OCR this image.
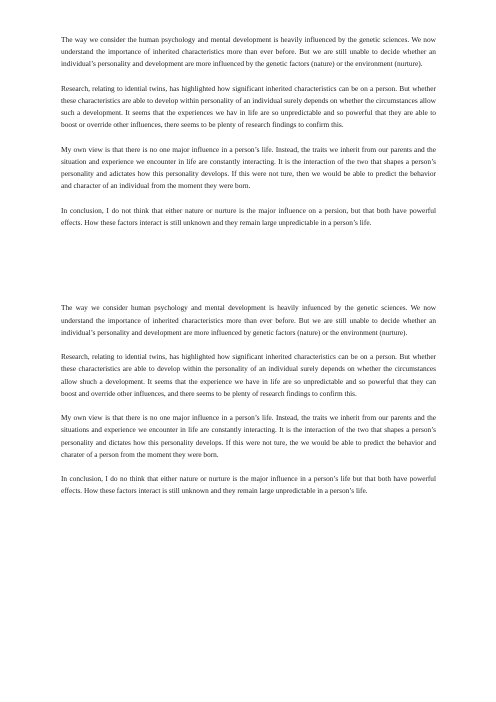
The way we consider the human psychology and mental development is heavily influenced by the genetic sciences. We now understand the importance of inherited characteristics more than ever before. But we are still unable to decide whether an individual’s personality and development are more influenced by the genetic factors (nature) or the environment (nurture).

Research, relating to idential twins, has highlighted how significant inherited characteristics can be on a person. But whether these characteristics are able to develop within personality of an individual surely depends on whether the circumstances allow such a development. It seems that the experiences we hav in life are so unpredictable and so powerful that they are able to boost or override other influences, there seems to be plenty of research findings to confirm this.

My own view is that there is no one major influence in a person’s life. Instead, the traits we inherit from our parents and the situation and experience we encounter in life are constantly interacting. It is the interaction of the two that shapes a person’s personality and adictates how this personality develops. If this were not ture, then we would be able to predict the behavior and character of an individual from the moment they were born.

In conclusion, I do not think that either nature or nurture is the major influence on a persion, but that both have powerful effects. How these factors interact is still unknown and they remain large unpredictable in a person’s life.

The way we consider human psychology and mental development is heavily infuenced by the genetic sciences. We now understand the importance of inherited characteristics more than ever before. But we are still unable to decide whether an individual’s personality and development are more influenced by genetic factors (nature) or the environment (nurture).

Research, relating to idential twins, has highlighted how significant inherited characteristics can be on a person. But whether these characteristics are able to develop within the personality of an individual surely depends on whether the circumstances allow shuch a development. It seems that the experience we have in life are so unpredictable and so powerful that they can boost and override other influences, and there seems to be plenty of research findings to confirm this.

My own view is that there is no one major influence in a person’s life. Instead, the traits we inherit from our parents and the situations and experience we encounter in life are constantly interacting. It is the interaction of the two that shapes a person’s personality and dictates how this personality develops. If this were not ture, the we would be able to predict the behavior and charater of a person from the moment they were born.

In conclusion, I do no think that either nature or nurture is the major influence in a person’s life but that both have powerful effects. How these factors interact is still unknown and they remain large unpredictable in a person’s life.
